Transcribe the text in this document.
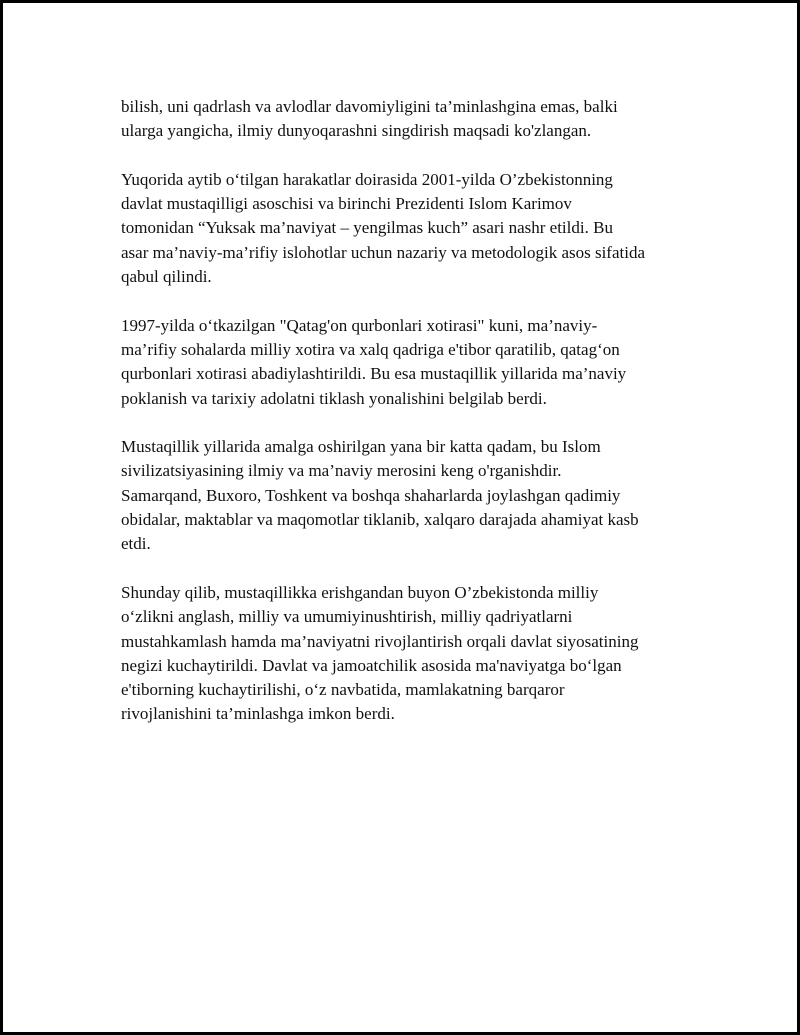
bilish, uni qadrlash va avlodlar davomiyligini ta’minlashgina emas, balki
ularga yangicha, ilmiy dunyoqarashni singdirish maqsadi ko'zlangan.

Yuqorida aytib o‘tilgan harakatlar doirasida 2001-yilda O’zbekistonning
davlat mustaqilligi asoschisi va birinchi Prezidenti Islom Karimov
tomonidan “Yuksak ma’naviyat – yengilmas kuch” asari nashr etildi. Bu
asar ma’naviy-ma’rifiy islohotlar uchun nazariy va metodologik asos sifatida
qabul qilindi.

1997-yilda o‘tkazilgan "Qatag'on qurbonlari xotirasi" kuni, ma’naviy-
ma’rifiy sohalarda milliy xotira va xalq qadriga e'tibor qaratilib, qatag‘on
qurbonlari xotirasi abadiylashtirildi. Bu esa mustaqillik yillarida ma’naviy
poklanish va tarixiy adolatni tiklash yonalishini belgilab berdi.

Mustaqillik yillarida amalga oshirilgan yana bir katta qadam, bu Islom
sivilizatsiyasining ilmiy va ma’naviy merosini keng o'rganishdir.
Samarqand, Buxoro, Toshkent va boshqa shaharlarda joylashgan qadimiy
obidalar, maktablar va maqomotlar tiklanib, xalqaro darajada ahamiyat kasb
etdi.

Shunday qilib, mustaqillikka erishgandan buyon O’zbekistonda milliy
o‘zlikni anglash, milliy va umumiyinushtirish, milliy qadriyatlarni
mustahkamlash hamda ma’naviyatni rivojlantirish orqali davlat siyosatining
negizi kuchaytirildi. Davlat va jamoatchilik asosida ma'naviyatga bo‘lgan
e'tiborning kuchaytirilishi, o‘z navbatida, mamlakatning barqaror
rivojlanishini ta’minlashga imkon berdi.
